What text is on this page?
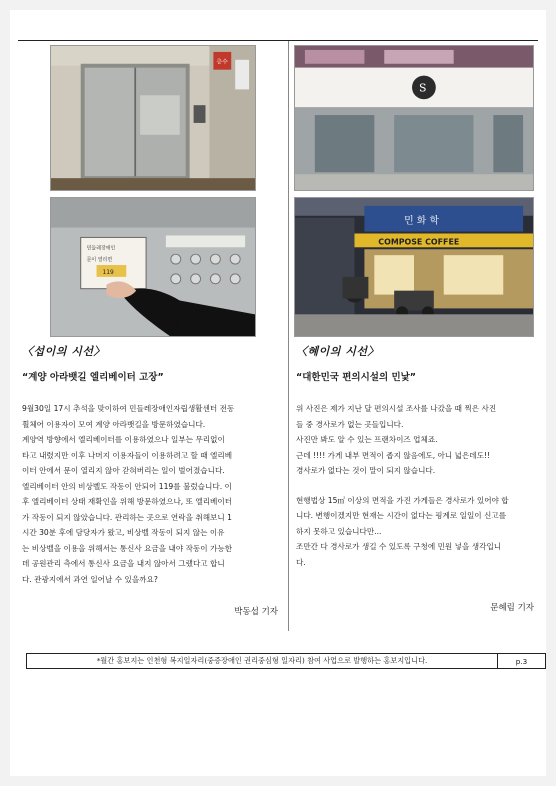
층수
S
민들레장애인
문이 열리면
119
비상
민 화 학
COMPOSE COFFEE
〈섭이의 시선〉
“계양 아라뱃길 엘리베이터 고장”

9월30일 17시 추석을 맞이하여 민들레장애인자립생활센터 전동

휠체어 이용자이 모여 계양 아라뱃길을 방문하였습니다.

계양역 방향에서 엘리베이터를 이용하였으나 일부는 무리없이

타고 내렸지만 이후 나머지 이용자들이 이용하려고 할 때 엘리베

이터 안에서 문이 열리지 않아 갇혀버리는 일이 벌어졌습니다.

엘리베이터 안의 비상벨도 작동이 안되어 119를 불렀습니다. 이

후 엘리베이터 상태 재확인을 위해 방문하였으나, 또 엘리베이터

가 작동이 되지 않았습니다. 관리하는 곳으로 연락을 취해보니 1

시간 30분 후에 담당자가 왔고, 비상벨 작동이 되지 않는 이유

는 비상벨을 이용을 위해서는 통신사 요금을 내야 작동이 가능한

데 공원관리 측에서 통신사 요금을 내지 않아서 그랬다고 합니

다. 관광지에서 과연 일어날 수 있을까요?

박동섭 기자
〈혜이의 시선〉
“대한민국 편의시설의 민낯”

위 사진은 제가 지난 달 편의시설 조사를 나갔을 때 찍은 사진

들 중 경사로가 없는 곳들입니다.

사진만 봐도 알 수 있는 프랜차이즈 업체죠.

근데 !!!! 가게 내부 면적이 좁지 않음에도, 아니 넓은데도!!

경사로가 없다는 것이 말이 되지 않습니다.

현행법상 15㎡ 이상의 면적을 가진 가게들은 경사로가 있어야 합

니다. 변행이겠지만 현재는 시간이 없다는 핑계로 일일이 신고를

하지 못하고 있습니다만...

조만간 다 경사로가 생길 수 있도록 구청에 민원 넣을 생각입니

다.

문혜림 기자
*월간 홍보지는 인천형 복지일자리(중증장애인 권리중심형 일자리) 참여 사업으로 발행하는 홍보지입니다.	p.3
